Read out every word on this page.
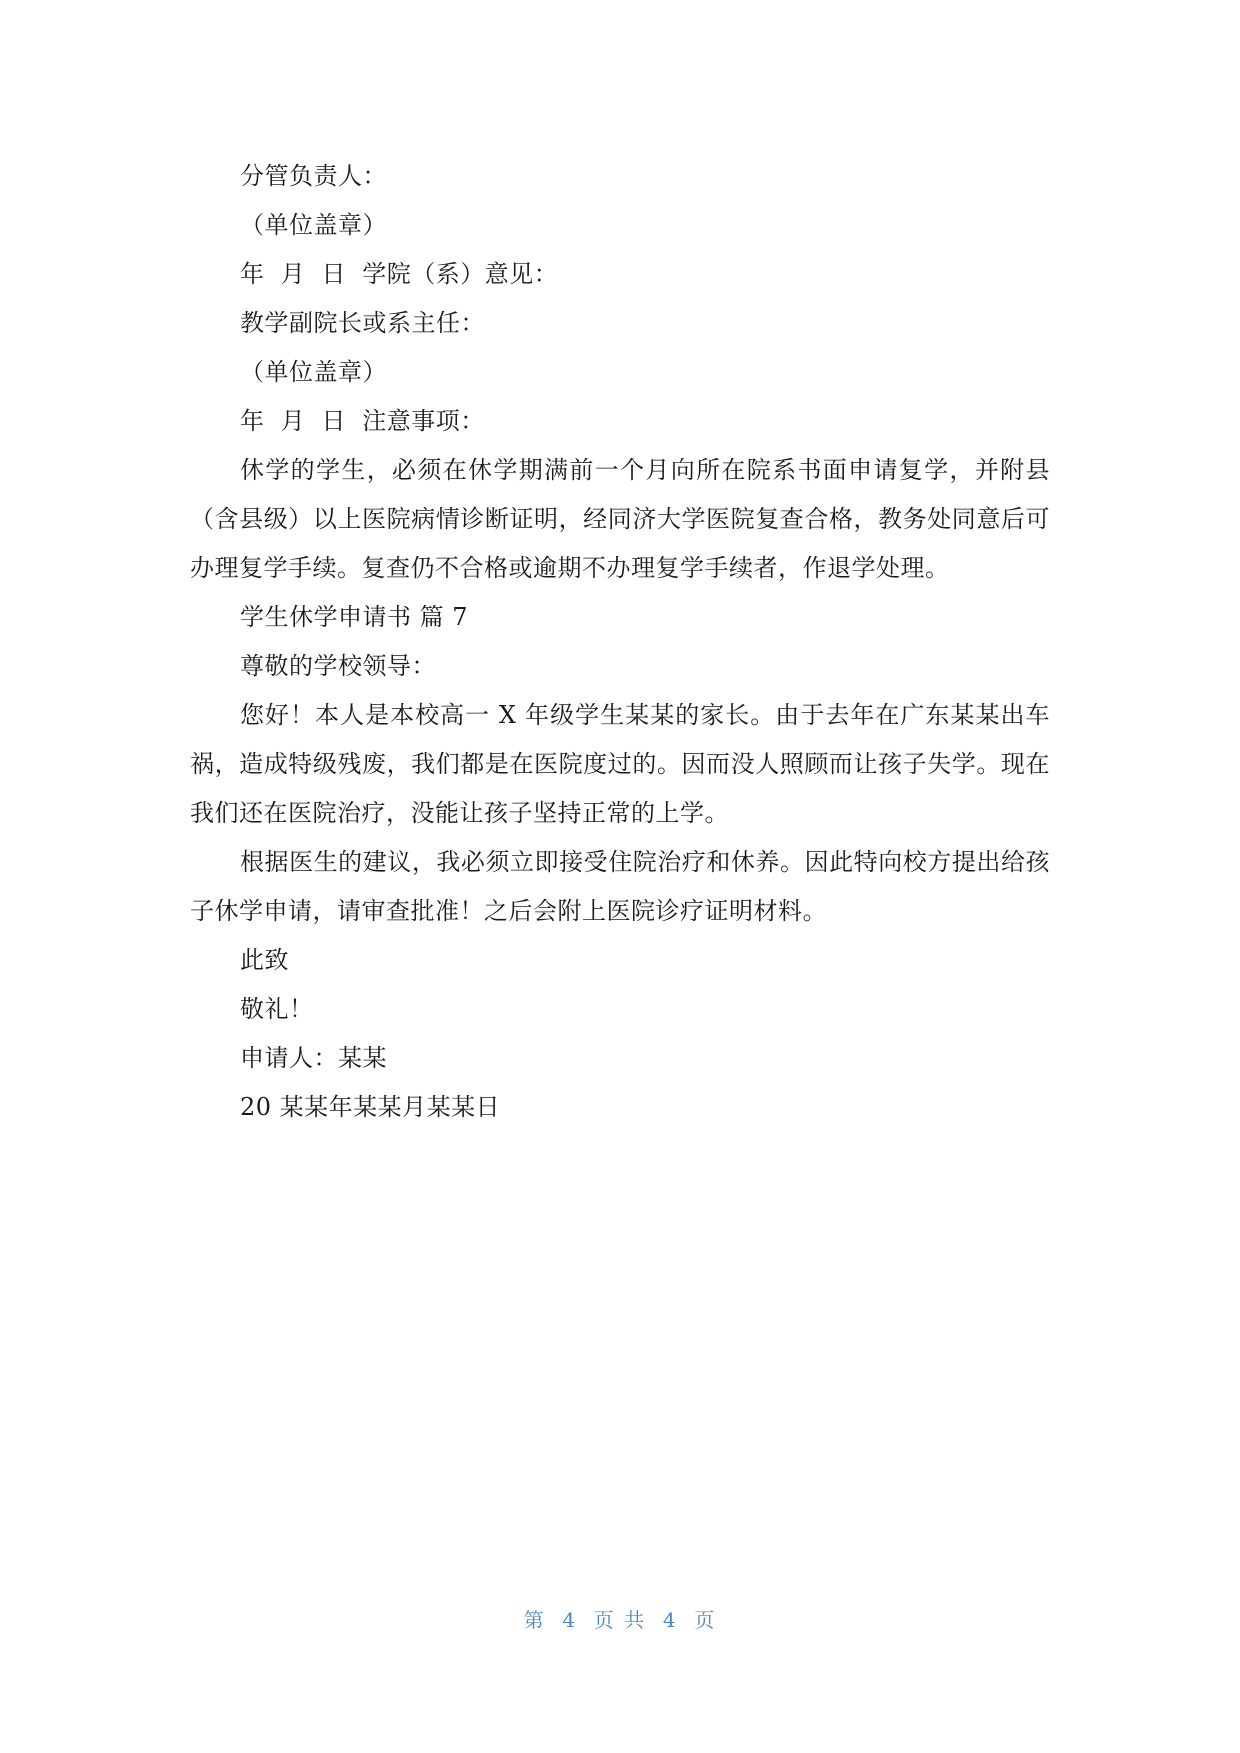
分管负责人：

（单位盖章）

年  月  日  学院（系）意见：

教学副院长或系主任：

（单位盖章）

年  月  日  注意事项：

休学的学生，必须在休学期满前一个月向所在院系书面申请复学，并附县（含县级）以上医院病情诊断证明，经同济大学医院复查合格，教务处同意后可办理复学手续。复查仍不合格或逾期不办理复学手续者，作退学处理。

学生休学申请书 篇 7

尊敬的学校领导：

您好！本人是本校高一 X 年级学生某某的家长。由于去年在广东某某出车祸，造成特级残废，我们都是在医院度过的。因而没人照顾而让孩子失学。现在我们还在医院治疗，没能让孩子坚持正常的上学。

根据医生的建议，我必须立即接受住院治疗和休养。因此特向校方提出给孩子休学申请，请审查批准！之后会附上医院诊疗证明材料。

此致

敬礼！

申请人：某某

20 某某年某某月某某日

第  4  页 共  4  页
